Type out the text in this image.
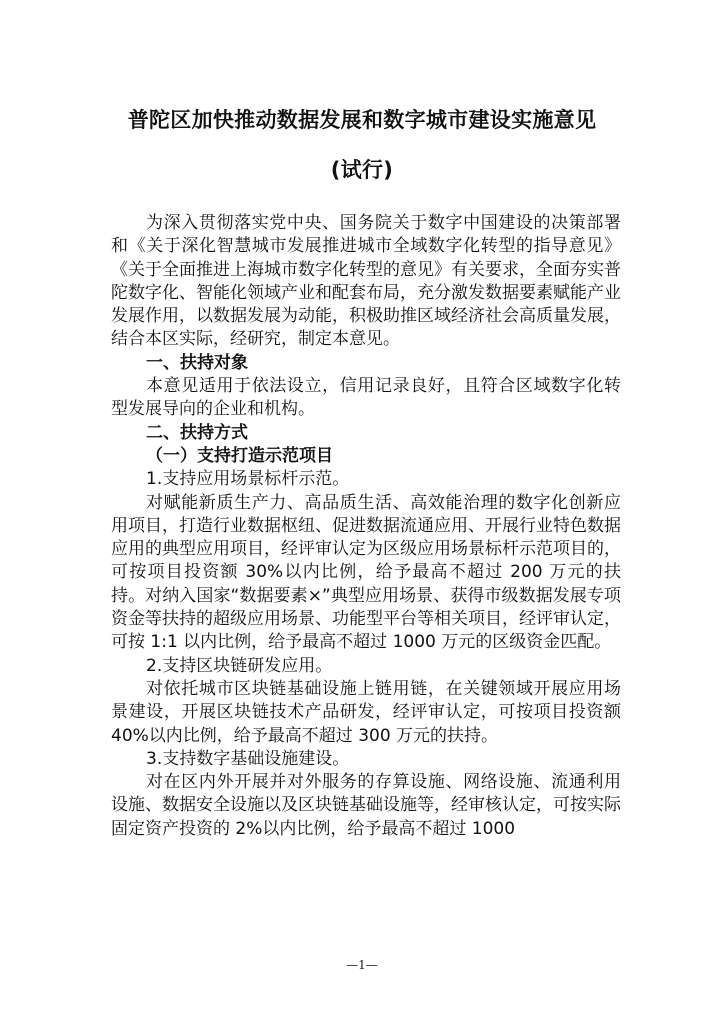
普陀区加快推动数据发展和数字城市建设实施意见
(试行)

为深入贯彻落实党中央、国务院关于数字中国建设的决策部署和《关于深化智慧城市发展推进城市全域数字化转型的指导意见》《关于全面推进上海城市数字化转型的意见》有关要求，全面夯实普陀数字化、智能化领域产业和配套布局，充分激发数据要素赋能产业发展作用，以数据发展为动能，积极助推区域经济社会高质量发展，结合本区实际，经研究，制定本意见。

一、扶持对象

本意见适用于依法设立，信用记录良好，且符合区域数字化转型发展导向的企业和机构。

二、扶持方式

（一）支持打造示范项目

1.支持应用场景标杆示范。

对赋能新质生产力、高品质生活、高效能治理的数字化创新应用项目，打造行业数据枢纽、促进数据流通应用、开展行业特色数据应用的典型应用项目，经评审认定为区级应用场景标杆示范项目的，可按项目投资额 30%以内比例，给予最高不超过 200 万元的扶持。对纳入国家“数据要素×”典型应用场景、获得市级数据发展专项资金等扶持的超级应用场景、功能型平台等相关项目，经评审认定，可按 1:1 以内比例，给予最高不超过 1000 万元的区级资金匹配。

2.支持区块链研发应用。

对依托城市区块链基础设施上链用链，在关键领域开展应用场景建设，开展区块链技术产品研发，经评审认定，可按项目投资额 40%以内比例，给予最高不超过 300 万元的扶持。

3.支持数字基础设施建设。

对在区内外开展并对外服务的存算设施、网络设施、流通利用设施、数据安全设施以及区块链基础设施等，经审核认定，可按实际固定资产投资的 2%以内比例，给予最高不超过 1000

—1—
